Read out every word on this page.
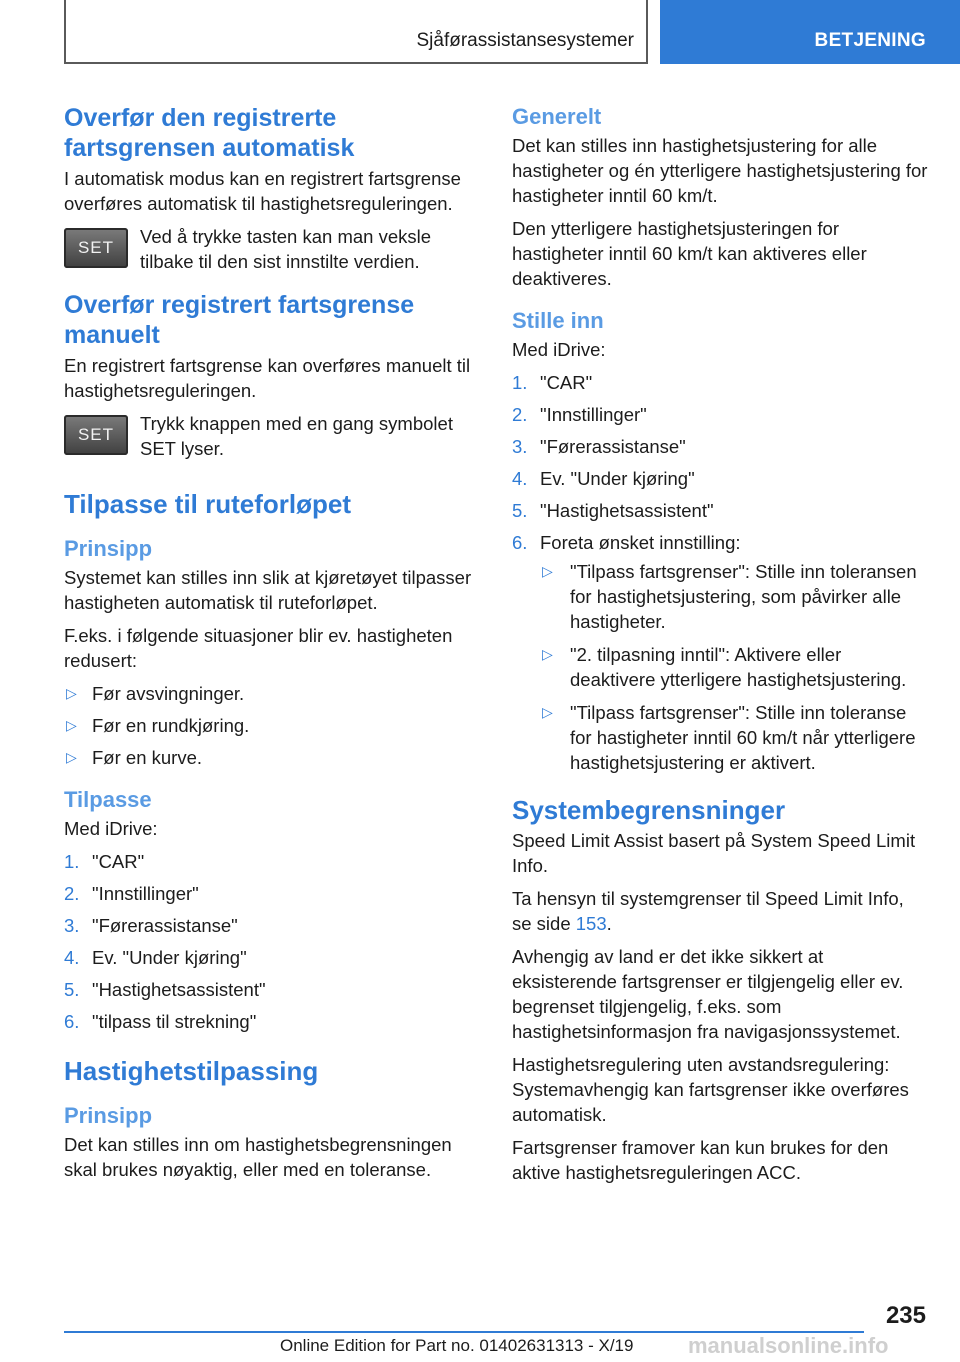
Sjåførassistansesystemer	BETJENING
Overfør den registrerte fartsgrensen automatisk

I automatisk modus kan en registrert fartsgrense overføres automatisk til hastighetsreguleringen.

SET

Ved å trykke tasten kan man veksle tilbake til den sist innstilte verdien.

Overfør registrert fartsgrense manuelt

En registrert fartsgrense kan overføres manuelt til hastighetsreguleringen.

SET

Trykk knappen med en gang symbolet SET lyser.

Tilpasse til ruteforløpet
Prinsipp

Systemet kan stilles inn slik at kjøretøyet tilpasser hastigheten automatisk til ruteforløpet.

F.eks. i følgende situasjoner blir ev. hastigheten redusert:

▷ Før avsvingninger.
▷ Før en rundkjøring.
▷ Før en kurve.
Tilpasse

Med iDrive:

1. "CAR"
2. "Innstillinger"
3. "Førerassistanse"
4. Ev. "Under kjøring"
5. "Hastighetsassistent"
6. "tilpass til strekning"
Hastighetstilpassing
Prinsipp

Det kan stilles inn om hastighetsbegrensningen skal brukes nøyaktig, eller med en toleranse.

Generelt

Det kan stilles inn hastighetsjustering for alle hastigheter og én ytterligere hastighetsjustering for hastigheter inntil 60 km/t.

Den ytterligere hastighetsjusteringen for hastigheter inntil 60 km/t kan aktiveres eller deaktiveres.

Stille inn

Med iDrive:

1. "CAR"
2. "Innstillinger"
3. "Førerassistanse"
4. Ev. "Under kjøring"
5. "Hastighetsassistent"
6. Foreta ønsket innstilling:
▷ "Tilpass fartsgrenser": Stille inn toleransen for hastighetsjustering, som påvirker alle hastigheter.
▷ "2. tilpasning inntil": Aktivere eller deaktivere ytterligere hastighetsjustering.
▷ "Tilpass fartsgrenser": Stille inn toleranse for hastigheter inntil 60 km/t når ytterligere hastighetsjustering er aktivert.
Systembegrensninger

Speed Limit Assist basert på System Speed Limit Info.

Ta hensyn til systemgrenser til Speed Limit Info, se side 153.

Avhengig av land er det ikke sikkert at eksisterende fartsgrenser er tilgjengelig eller ev. begrenset tilgjengelig, f.eks. som hastighetsinformasjon fra navigasjonssystemet.

Hastighetsregulering uten avstandsregulering: Systemavhengig kan fartsgrenser ikke overføres automatisk.

Fartsgrenser framover kan kun brukes for den aktive hastighetsreguleringen ACC.

235
Online Edition for Part no. 01402631313 - X/19 manualsonline.info
